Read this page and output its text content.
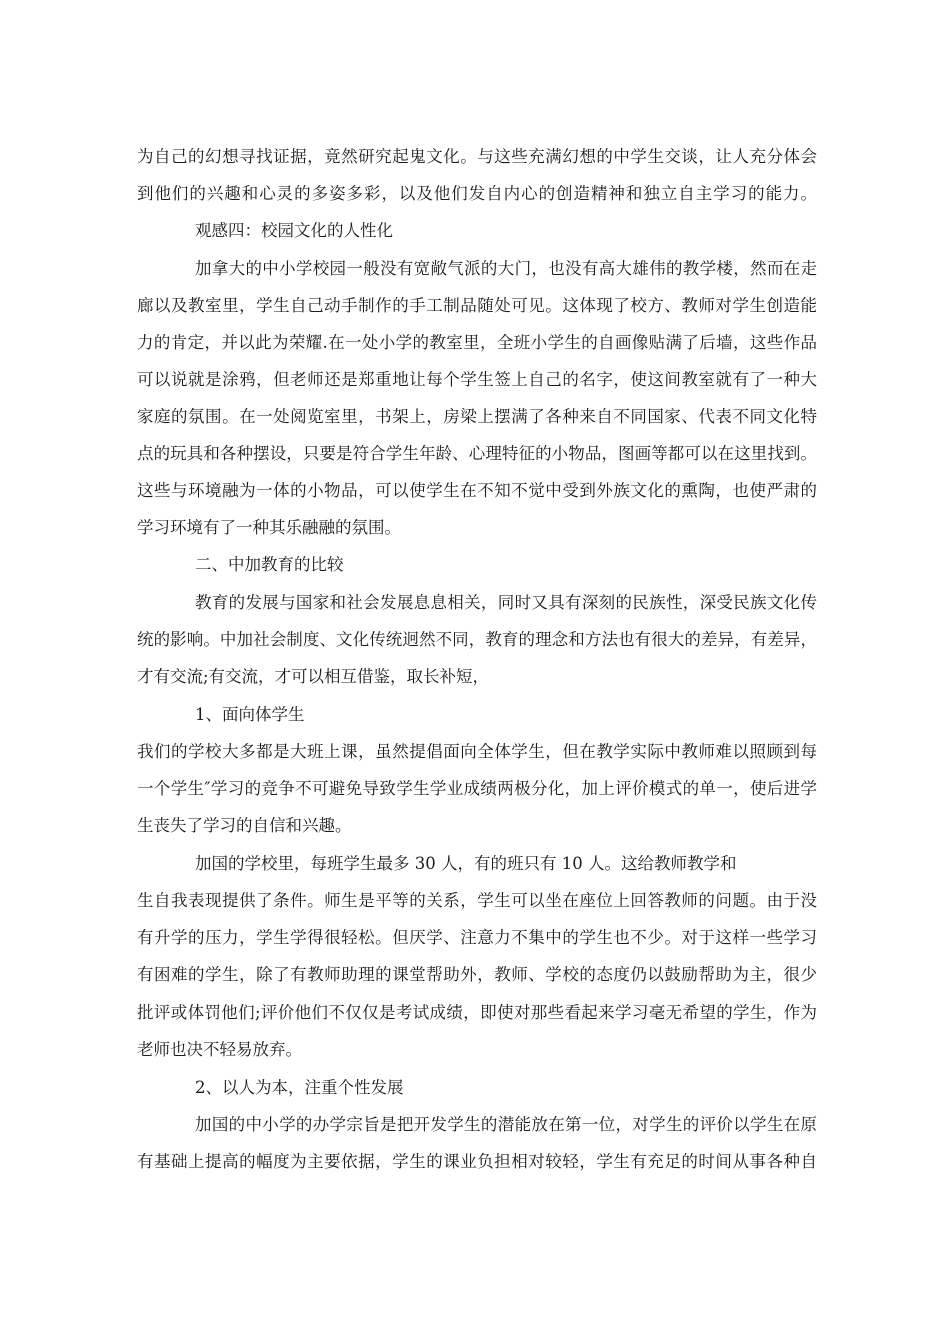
为自己的幻想寻找证据，竟然研究起鬼文化。与这些充满幻想的中学生交谈，让人充分体会
到他们的兴趣和心灵的多姿多彩，以及他们发自内心的创造精神和独立自主学习的能力。
观感四：校园文化的人性化
加拿大的中小学校园一般没有宽敞气派的大门，也没有高大雄伟的教学楼，然而在走
廊以及教室里，学生自己动手制作的手工制品随处可见。这体现了校方、教师对学生创造能
力的肯定，并以此为荣耀.在一处小学的教室里，全班小学生的自画像贴满了后墙，这些作品
可以说就是涂鸦，但老师还是郑重地让每个学生签上自己的名字，使这间教室就有了一种大
家庭的氛围。在一处阅览室里，书架上，房梁上摆满了各种来自不同国家、代表不同文化特
点的玩具和各种摆设，只要是符合学生年龄、心理特征的小物品，图画等都可以在这里找到。
这些与环境融为一体的小物品，可以使学生在不知不觉中受到外族文化的熏陶，也使严肃的
学习环境有了一种其乐融融的氛围。
二、中加教育的比较
教育的发展与国家和社会发展息息相关，同时又具有深刻的民族性，深受民族文化传
统的影响。中加社会制度、文化传统迥然不同，教育的理念和方法也有很大的差异，有差异，
才有交流;有交流，才可以相互借鉴，取长补短，
1、面向体学生
我们的学校大多都是大班上课，虽然提倡面向全体学生，但在教学实际中教师难以照顾到每
一个学生″学习的竞争不可避免导致学生学业成绩两极分化，加上评价模式的单一，使后进学
生丧失了学习的自信和兴趣。
加国的学校里，每班学生最多 30 人，有的班只有 10 人。这给教师教学和
生自我表现提供了条件。师生是平等的关系，学生可以坐在座位上回答教师的问题。由于没
有升学的压力，学生学得很轻松。但厌学、注意力不集中的学生也不少。对于这样一些学习
有困难的学生，除了有教师助理的课堂帮助外，教师、学校的态度仍以鼓励帮助为主，很少
批评或体罚他们;评价他们不仅仅是考试成绩，即使对那些看起来学习毫无希望的学生，作为
老师也决不轻易放弃。
2、以人为本，注重个性发展
加国的中小学的办学宗旨是把开发学生的潜能放在第一位，对学生的评价以学生在原
有基础上提高的幅度为主要依据，学生的课业负担相对较轻，学生有充足的时间从事各种自
